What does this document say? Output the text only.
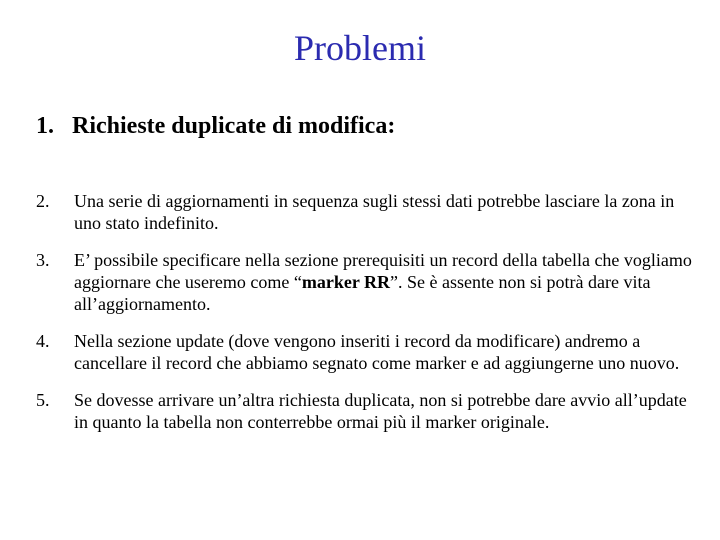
Problemi
1. Richieste duplicate di modifica:
2. Una serie di aggiornamenti in sequenza sugli stessi dati potrebbe lasciare la zona in uno stato indefinito.
3. E’ possibile specificare nella sezione prerequisiti un record della tabella che vogliamo aggiornare che useremo come “marker RR”. Se è assente non si potrà dare vita all’aggiornamento.
4. Nella sezione update (dove vengono inseriti i record da modificare) andremo a cancellare il record che abbiamo segnato come marker e ad aggiungerne uno nuovo.
5. Se dovesse arrivare un’altra richiesta duplicata, non si potrebbe dare avvio all’update in quanto la tabella non conterrebbe ormai più il marker originale.
